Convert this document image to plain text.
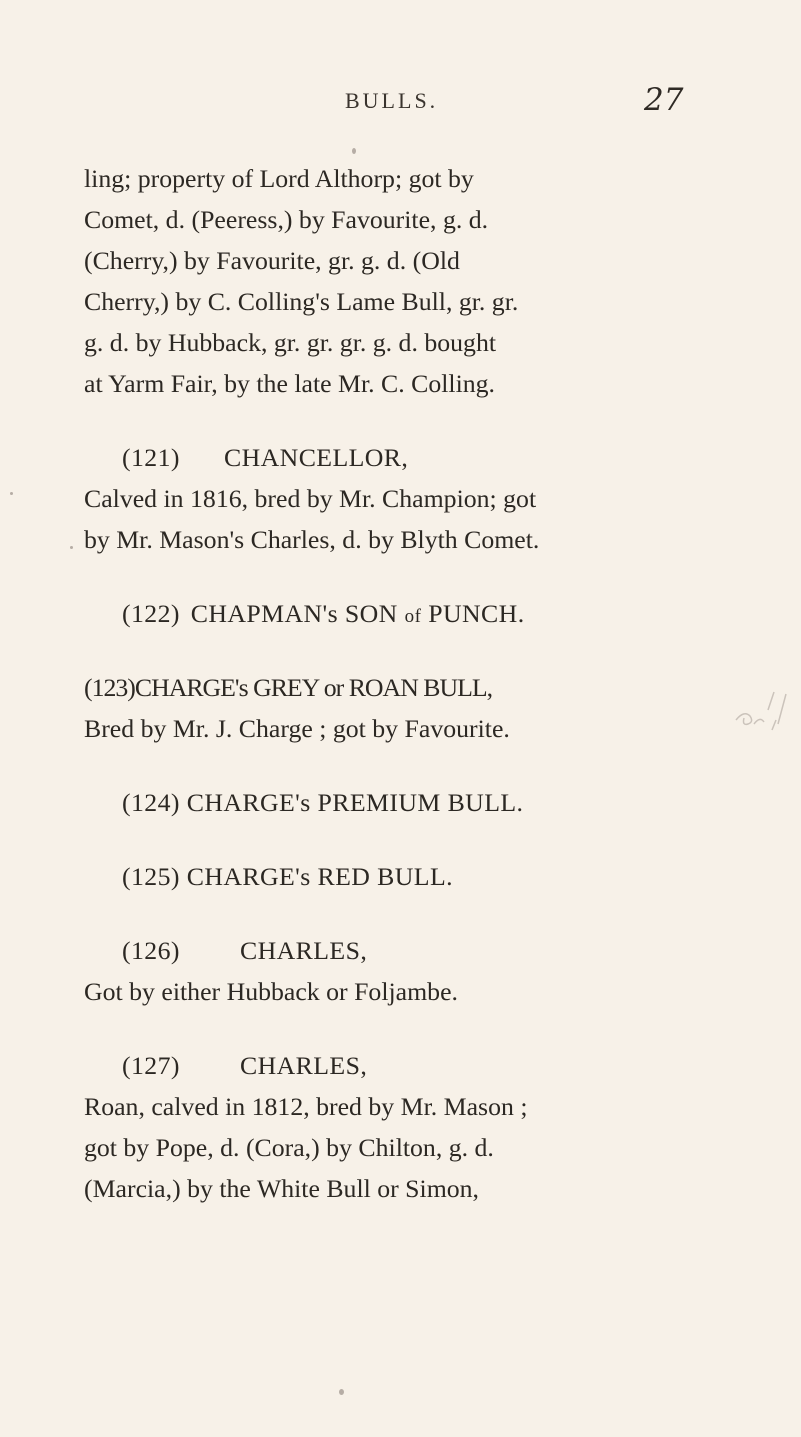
BULLS.	27
ling; property of Lord Althorp; got by
Comet, d. (Peeress,) by Favourite, g. d.
(Cherry,) by Favourite, gr. g. d. (Old
Cherry,) by C. Colling's Lame Bull, gr. gr.
g. d. by Hubback, gr. gr. gr. g. d. bought
at Yarm Fair, by the late Mr. C. Colling.
(121) CHANCELLOR,
Calved in 1816, bred by Mr. Champion; got
by Mr. Mason's Charles, d. by Blyth Comet.
(122) CHAPMAN's SON of PUNCH.
(123)CHARGE's GREY or ROAN BULL,
Bred by Mr. J. Charge ; got by Favourite.
(124) CHARGE's PREMIUM BULL.
(125) CHARGE's RED BULL.
(126) CHARLES,
Got by either Hubback or Foljambe.
(127) CHARLES,
Roan, calved in 1812, bred by Mr. Mason ;
got by Pope, d. (Cora,) by Chilton, g. d.
(Marcia,) by the White Bull or Simon,
